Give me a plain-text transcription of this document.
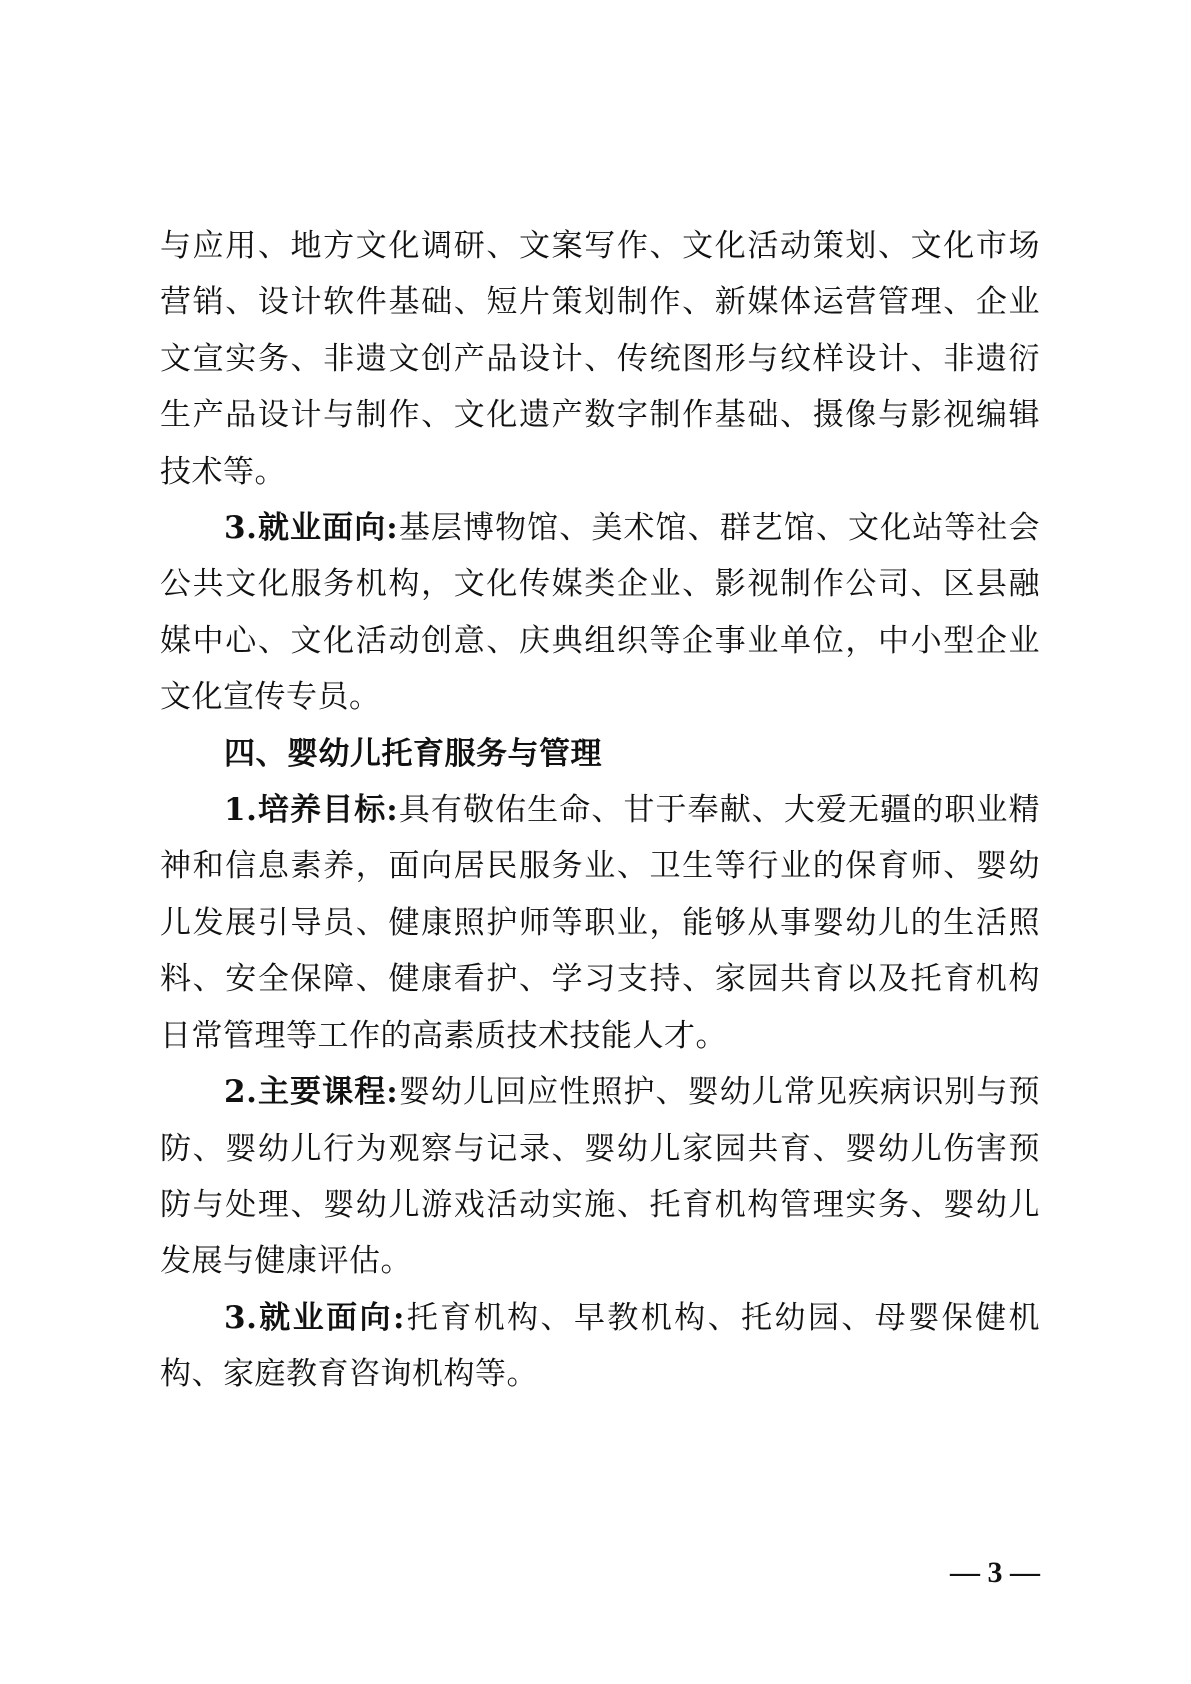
与应用、地方文化调研、文案写作、文化活动策划、文化市场营销、设计软件基础、短片策划制作、新媒体运营管理、企业文宣实务、非遗文创产品设计、传统图形与纹样设计、非遗衍生产品设计与制作、文化遗产数字制作基础、摄像与影视编辑技术等。

3.就业面向:基层博物馆、美术馆、群艺馆、文化站等社会公共文化服务机构，文化传媒类企业、影视制作公司、区县融媒中心、文化活动创意、庆典组织等企事业单位，中小型企业文化宣传专员。

四、婴幼儿托育服务与管理

1.培养目标:具有敬佑生命、甘于奉献、大爱无疆的职业精神和信息素养，面向居民服务业、卫生等行业的保育师、婴幼儿发展引导员、健康照护师等职业，能够从事婴幼儿的生活照料、安全保障、健康看护、学习支持、家园共育以及托育机构日常管理等工作的高素质技术技能人才。

2.主要课程:婴幼儿回应性照护、婴幼儿常见疾病识别与预防、婴幼儿行为观察与记录、婴幼儿家园共育、婴幼儿伤害预防与处理、婴幼儿游戏活动实施、托育机构管理实务、婴幼儿发展与健康评估。

3.就业面向:托育机构、早教机构、托幼园、母婴保健机构、家庭教育咨询机构等。

— 3 —
